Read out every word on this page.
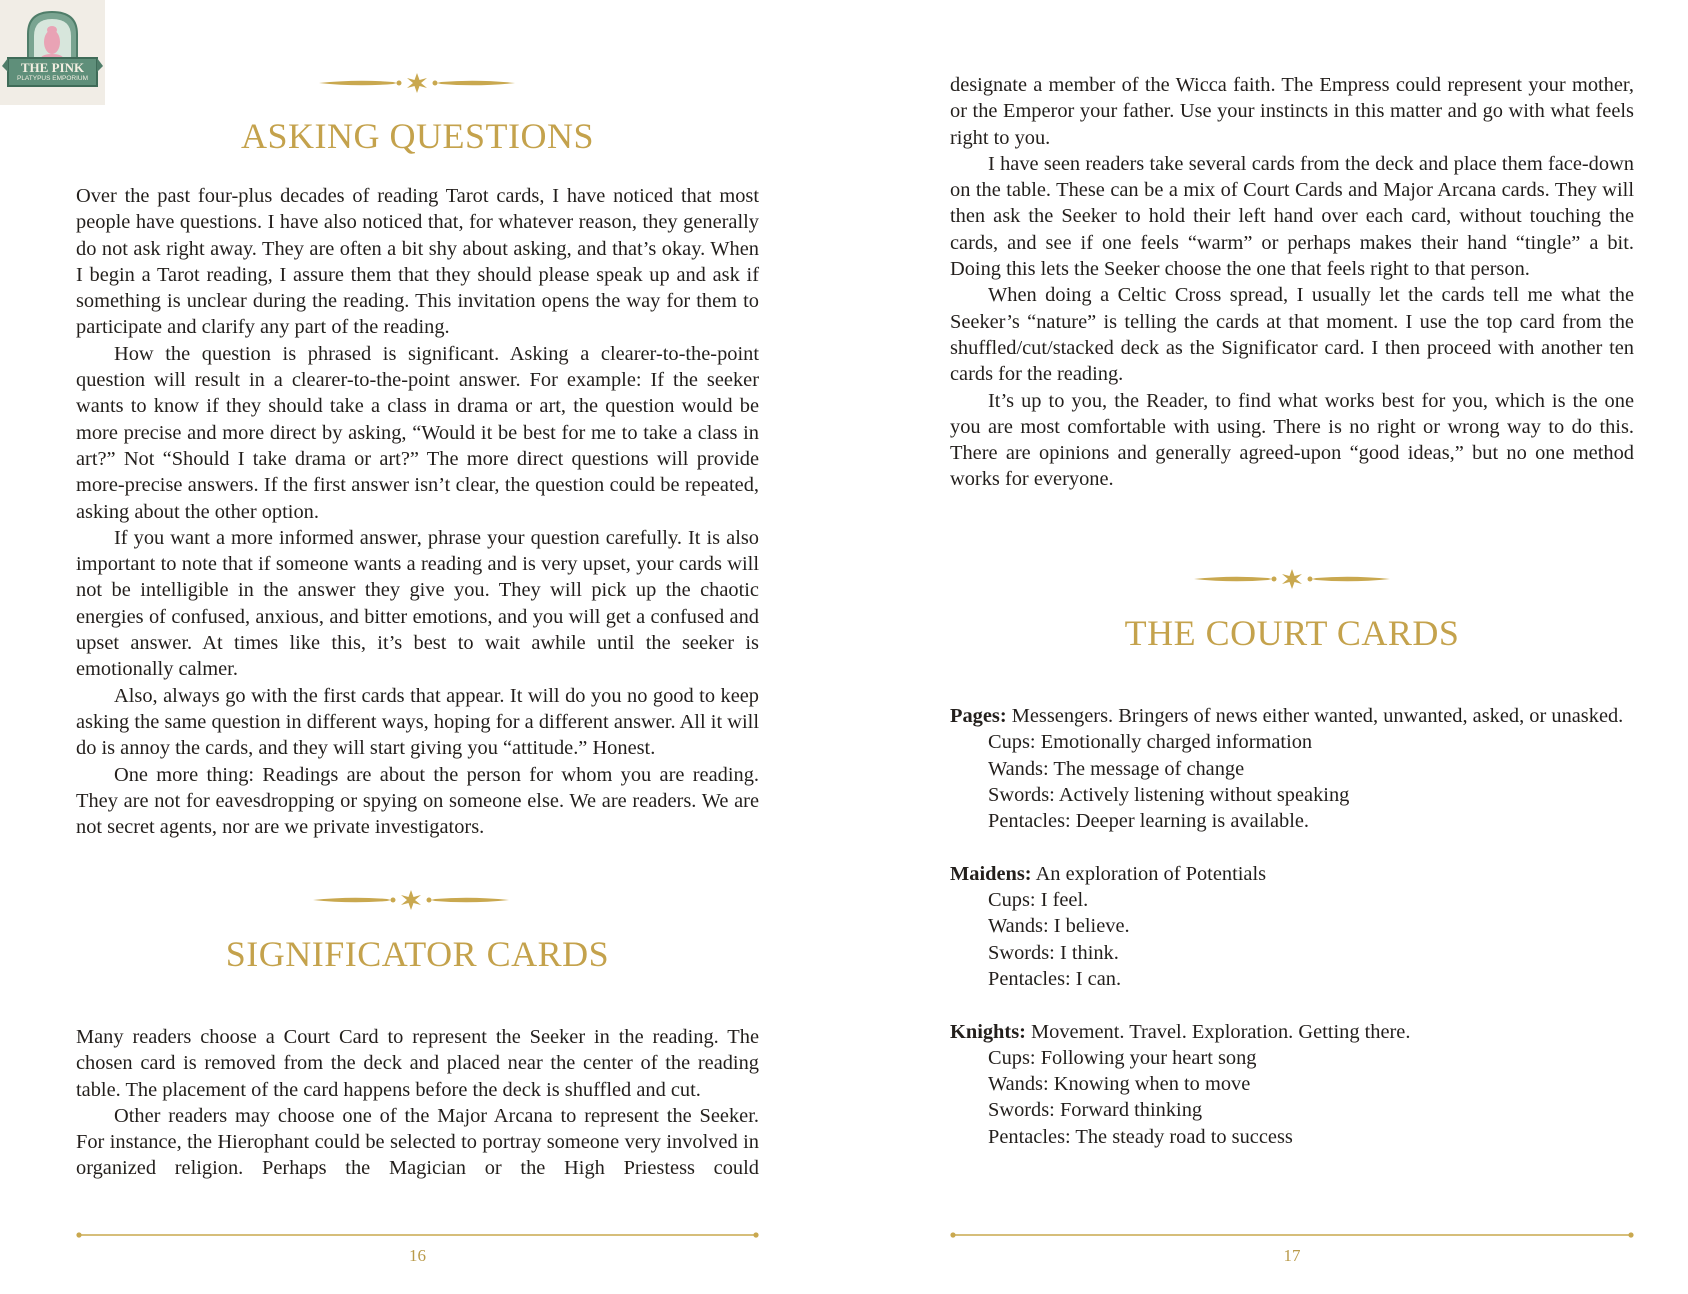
THE PINK
PLATYPUS EMPORIUM
ASKING QUESTIONS

Over the past four-plus decades of reading Tarot cards, I have noticed that most people have questions. I have also noticed that, for whatever reason, they generally do not ask right away. They are often a bit shy about asking, and that’s okay. When I begin a Tarot reading, I assure them that they should please speak up and ask if something is unclear during the reading. This invitation opens the way for them to participate and clarify any part of the reading.

How the question is phrased is significant. Asking a clearer-to-the-point question will result in a clearer-to-the-point answer. For example: If the seeker wants to know if they should take a class in drama or art, the question would be more precise and more direct by asking, “Would it be best for me to take a class in art?” Not “Should I take drama or art?” The more direct questions will provide more-precise answers. If the first answer isn’t clear, the question could be repeated, asking about the other option.

If you want a more informed answer, phrase your question carefully. It is also important to note that if someone wants a reading and is very upset, your cards will not be intelligible in the answer they give you. They will pick up the chaotic energies of confused, anxious, and bitter emotions, and you will get a confused and upset answer. At times like this, it’s best to wait awhile until the seeker is emotionally calmer.

Also, always go with the first cards that appear. It will do you no good to keep asking the same question in different ways, hoping for a different answer. All it will do is annoy the cards, and they will start giving you “attitude.” Honest.

One more thing: Readings are about the person for whom you are reading. They are not for eavesdropping or spying on someone else. We are readers. We are not secret agents, nor are we private investigators.

SIGNIFICATOR CARDS

Many readers choose a Court Card to represent the Seeker in the reading. The chosen card is removed from the deck and placed near the center of the reading table. The placement of the card happens before the deck is shuffled and cut.

Other readers may choose one of the Major Arcana to represent the Seeker. For instance, the Hierophant could be selected to portray someone very involved in organized religion. Perhaps the Magician or the High Priestess could

16

designate a member of the Wicca faith. The Empress could represent your mother, or the Emperor your father. Use your instincts in this matter and go with what feels right to you.

I have seen readers take several cards from the deck and place them face-down on the table. These can be a mix of Court Cards and Major Arcana cards. They will then ask the Seeker to hold their left hand over each card, without touching the cards, and see if one feels “warm” or perhaps makes their hand “tingle” a bit. Doing this lets the Seeker choose the one that feels right to that person.

When doing a Celtic Cross spread, I usually let the cards tell me what the Seeker’s “nature” is telling the cards at that moment. I use the top card from the shuffled/cut/stacked deck as the Significator card. I then proceed with another ten cards for the reading.

It’s up to you, the Reader, to find what works best for you, which is the one you are most comfortable with using. There is no right or wrong way to do this. There are opinions and generally agreed-upon “good ideas,” but no one method works for everyone.

THE COURT CARDS

Pages: Messengers. Bringers of news either wanted, unwanted, asked, or unasked.

Cups: Emotionally charged information

Wands: The message of change

Swords: Actively listening without speaking

Pentacles: Deeper learning is available.

Maidens: An exploration of Potentials

Cups: I feel.

Wands: I believe.

Swords: I think.

Pentacles: I can.

Knights: Movement. Travel. Exploration. Getting there.

Cups: Following your heart song

Wands: Knowing when to move

Swords: Forward thinking

Pentacles: The steady road to success

17
